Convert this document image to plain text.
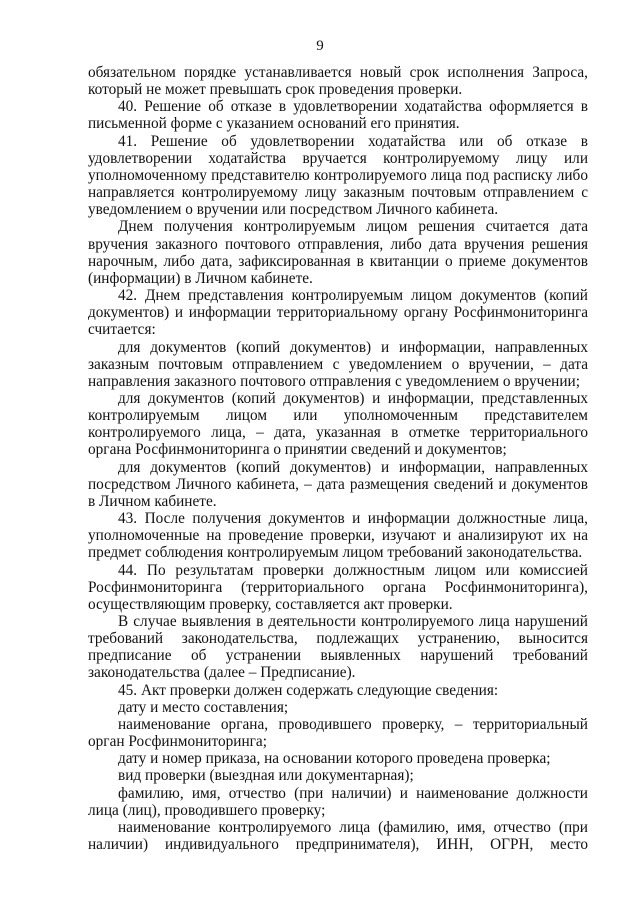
9

обязательном порядке устанавливается новый срок исполнения Запроса, который не может превышать срок проведения проверки.

40. Решение об отказе в удовлетворении ходатайства оформляется в письменной форме с указанием оснований его принятия.

41. Решение об удовлетворении ходатайства или об отказе в удовлетворении ходатайства вручается контролируемому лицу или уполномоченному представителю контролируемого лица под расписку либо направляется контролируемому лицу заказным почтовым отправлением с уведомлением о вручении или посредством Личного кабинета.

Днем получения контролируемым лицом решения считается дата вручения заказного почтового отправления, либо дата вручения решения нарочным, либо дата, зафиксированная в квитанции о приеме документов (информации) в Личном кабинете.

42. Днем представления контролируемым лицом документов (копий документов) и информации территориальному органу Росфинмониторинга считается:

для документов (копий документов) и информации, направленных заказным почтовым отправлением с уведомлением о вручении, – дата направления заказного почтового отправления с уведомлением о вручении;

для документов (копий документов) и информации, представленных контролируемым лицом или уполномоченным представителем контролируемого лица, – дата, указанная в отметке территориального органа Росфинмониторинга о принятии сведений и документов;

для документов (копий документов) и информации, направленных посредством Личного кабинета, – дата размещения сведений и документов в Личном кабинете.

43. После получения документов и информации должностные лица, уполномоченные на проведение проверки, изучают и анализируют их на предмет соблюдения контролируемым лицом требований законодательства.

44. По результатам проверки должностным лицом или комиссией Росфинмониторинга (территориального органа Росфинмониторинга), осуществляющим проверку, составляется акт проверки.

В случае выявления в деятельности контролируемого лица нарушений требований законодательства, подлежащих устранению, выносится предписание об устранении выявленных нарушений требований законодательства (далее – Предписание).

45. Акт проверки должен содержать следующие сведения:

дату и место составления;

наименование органа, проводившего проверку, – территориальный орган Росфинмониторинга;

дату и номер приказа, на основании которого проведена проверка;

вид проверки (выездная или документарная);

фамилию, имя, отчество (при наличии) и наименование должности лица (лиц), проводившего проверку;

наименование контролируемого лица (фамилию, имя, отчество (при наличии) индивидуального предпринимателя), ИНН, ОГРН, место
